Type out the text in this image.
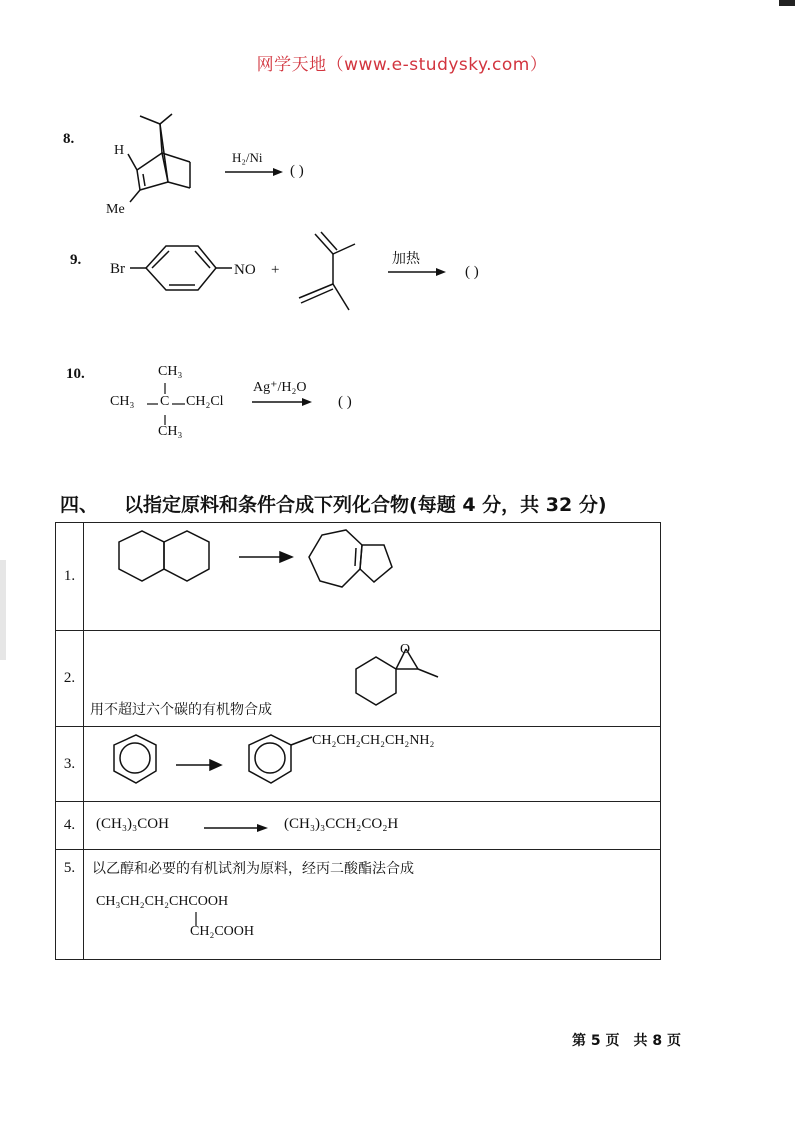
网学天地（www.e-studysky.com）
8.
H
Me
H₂/Ni
( )
9.
Br	NO +
加热
( )
10.	CH₃
CH₃ C CH₂Cl
CH₃
Ag⁺/H₂O
( )
四、 以指定原料和条件合成下列化合物(每题 4 分，共 32 分)
1.	

2.	用不超过六个碳的有机物合成
O

3.	CH₂CH₂CH₂CH₂NH₂

4.	(CH₃)₃COH (CH₃)₃CCH₂CO₂H

5.	以乙醇和必要的有机试剂为原料，经丙二酸酯法合成
CH₃CH₂CH₂CHCOOH
CH₂COOH
第 5 页 共 8 页
